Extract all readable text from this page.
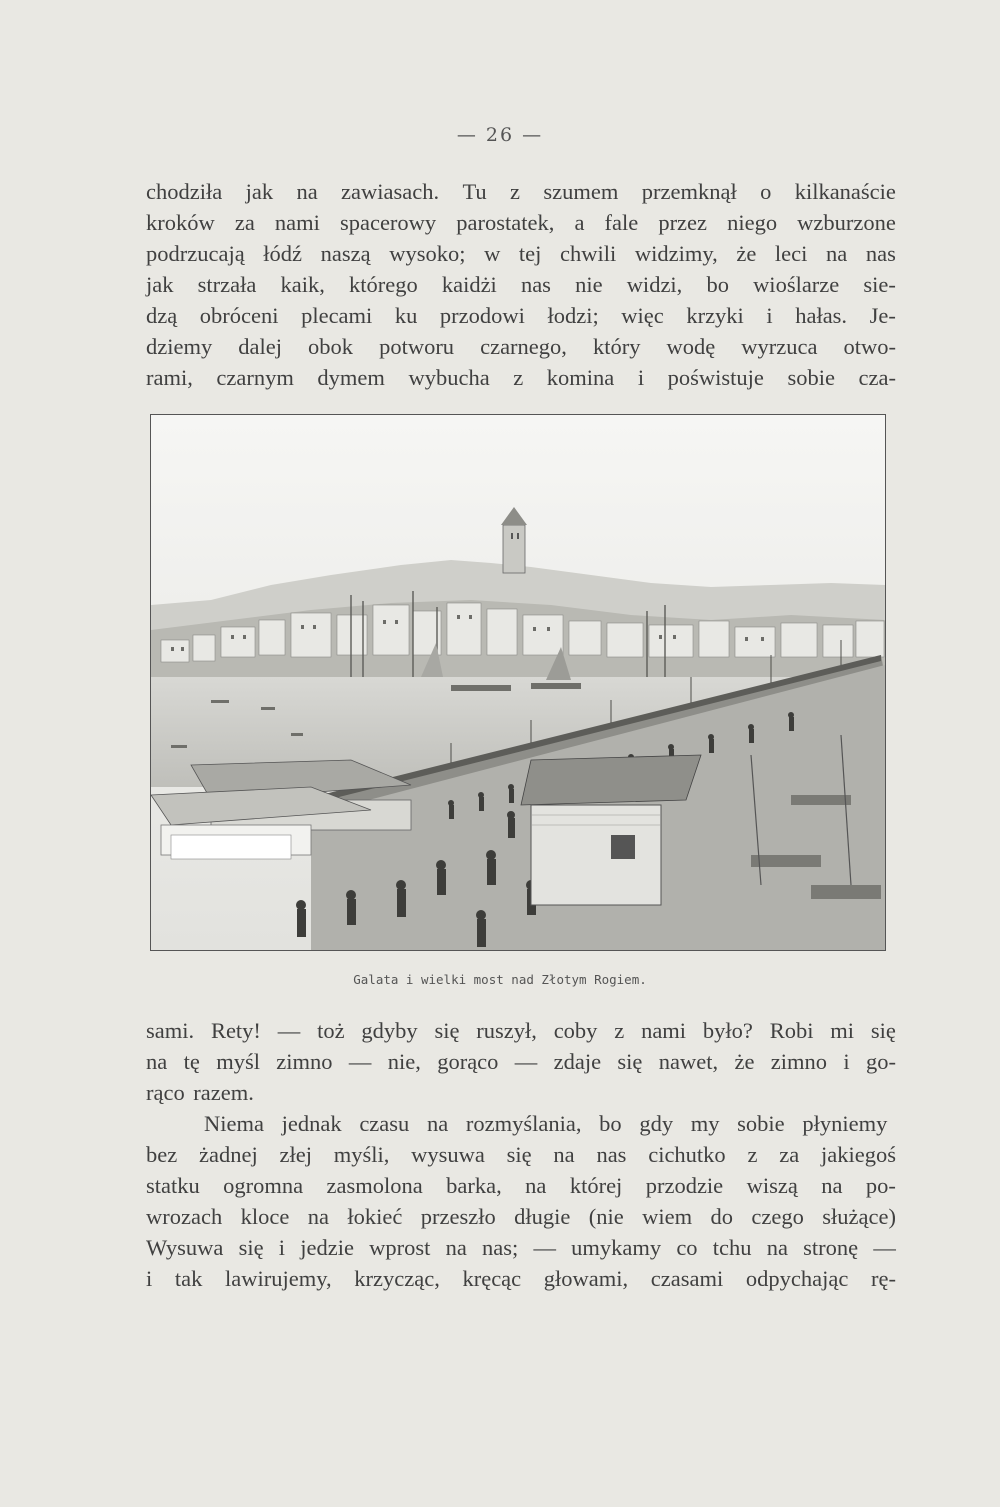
— 26 —
chodziła jak na zawiasach. Tu z szumem przemknął o kilkanaście
kroków za nami spacerowy parostatek, a fale przez niego wzburzone
podrzucają łódź naszą wysoko; w tej chwili widzimy, że leci na nas
jak strzała kaik, którego kaidżi nas nie widzi, bo wioślarze sie-
dzą obróceni plecami ku przodowi łodzi; więc krzyki i hałas. Je-
dziemy dalej obok potworu czarnego, który wodę wyrzuca otwo-
rami, czarnym dymem wybucha z komina i poświstuje sobie cza-
Galata i wielki most nad Złotym Rogiem.
sami. Rety! — toż gdyby się ruszył, coby z nami było? Robi mi się
na tę myśl zimno — nie, gorąco — zdaje się nawet, że zimno i go-
rąco razem.
Niema jednak czasu na rozmyślania, bo gdy my sobie płyniemy
bez żadnej złej myśli, wysuwa się na nas cichutko z za jakiegoś
statku ogromna zasmolona barka, na której przodzie wiszą na po-
wrozach kloce na łokieć przeszło długie (nie wiem do czego służące)
Wysuwa się i jedzie wprost na nas; — umykamy co tchu na stronę —
i tak lawirujemy, krzycząc, kręcąc głowami, czasami odpychając rę-
